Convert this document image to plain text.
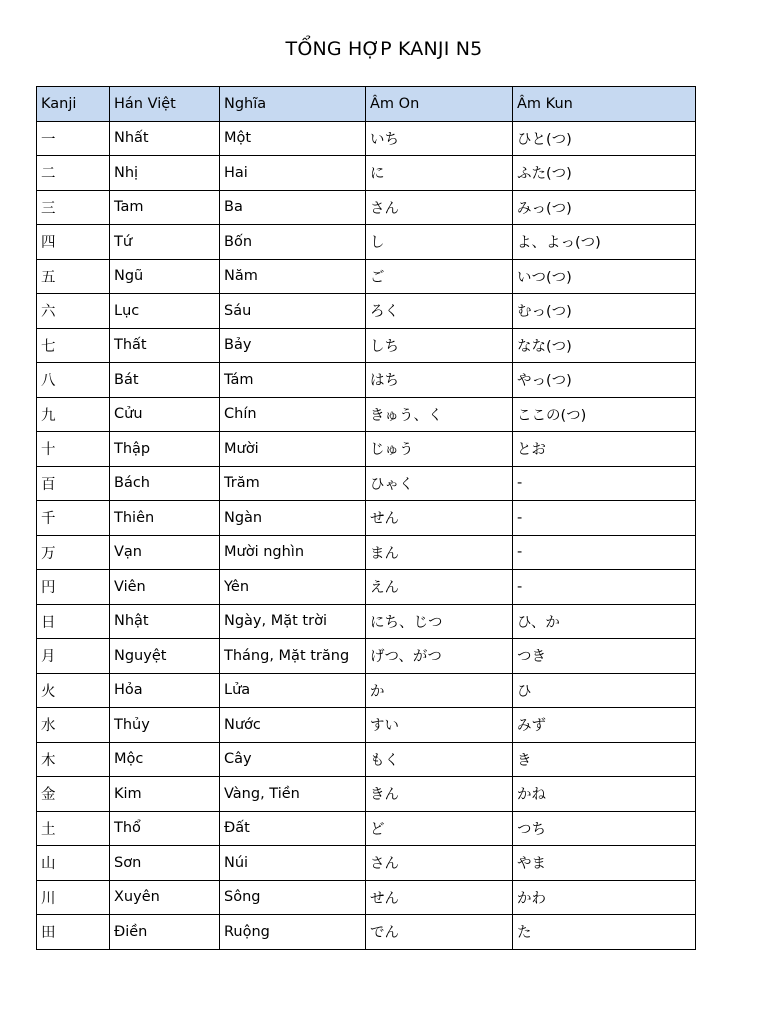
TỔNG HỢP KANJI N5
Kanji	Hán Việt	Nghĩa	Âm On	Âm Kun
一	Nhất	Một	いち	ひと(つ)
二	Nhị	Hai	に	ふた(つ)
三	Tam	Ba	さん	みっ(つ)
四	Tứ	Bốn	し	よ、よっ(つ)
五	Ngũ	Năm	ご	いつ(つ)
六	Lục	Sáu	ろく	むっ(つ)
七	Thất	Bảy	しち	なな(つ)
八	Bát	Tám	はち	やっ(つ)
九	Cửu	Chín	きゅう、く	ここの(つ)
十	Thập	Mười	じゅう	とお
百	Bách	Trăm	ひゃく	-
千	Thiên	Ngàn	せん	-
万	Vạn	Mười nghìn	まん	-
円	Viên	Yên	えん	-
日	Nhật	Ngày, Mặt trời	にち、じつ	ひ、か
月	Nguyệt	Tháng, Mặt trăng	げつ、がつ	つき
火	Hỏa	Lửa	か	ひ
水	Thủy	Nước	すい	みず
木	Mộc	Cây	もく	き
金	Kim	Vàng, Tiền	きん	かね
土	Thổ	Đất	ど	つち
山	Sơn	Núi	さん	やま
川	Xuyên	Sông	せん	かわ
田	Điền	Ruộng	でん	た
